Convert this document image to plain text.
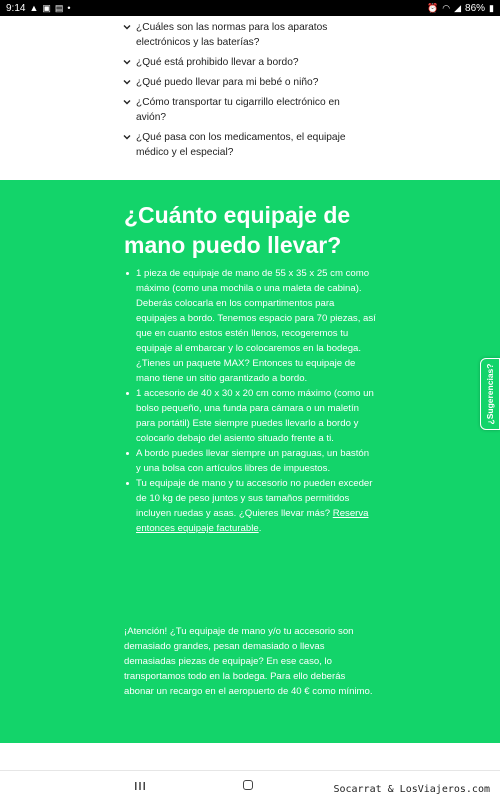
9:14 ▲ ▣ ▤ •	⏰ ◠ ◢ 86% ▮
¿Cuáles son las normas para los aparatos electrónicos y las baterías?
¿Qué está prohibido llevar a bordo?
¿Qué puedo llevar para mi bebé o niño?
¿Cómo transportar tu cigarrillo electrónico en avión?
¿Qué pasa con los medicamentos, el equipaje médico y el especial?
¿Cuánto equipaje de mano puedo llevar?
1 pieza de equipaje de mano de 55 x 35 x 25 cm como máximo (como una mochila o una maleta de cabina). Deberás colocarla en los compartimentos para equipajes a bordo. Tenemos espacio para 70 piezas, así que en cuanto estos estén llenos, recogeremos tu equipaje al embarcar y lo colocaremos en la bodega. ¿Tienes un paquete MAX? Entonces tu equipaje de mano tiene un sitio garantizado a bordo.
1 accesorio de 40 x 30 x 20 cm como máximo (como un bolso pequeño, una funda para cámara o un maletín para portátil) Este siempre puedes llevarlo a bordo y colocarlo debajo del asiento situado frente a ti.
A bordo puedes llevar siempre un paraguas, un bastón y una bolsa con artículos libres de impuestos.
Tu equipaje de mano y tu accesorio no pueden exceder de 10 kg de peso juntos y sus tamaños permitidos incluyen ruedas y asas. ¿Quieres llevar más? Reserva entonces equipaje facturable.

¡Atención! ¿Tu equipaje de mano y/o tu accesorio son demasiado grandes, pesan demasiado o llevas demasiadas piezas de equipaje? En ese caso, lo transportamos todo en la bodega. Para ello deberás abonar un recargo en el aeropuerto de 40 € como mínimo.

¿Sugerencias?
Socarrat & LosViajeros.com
